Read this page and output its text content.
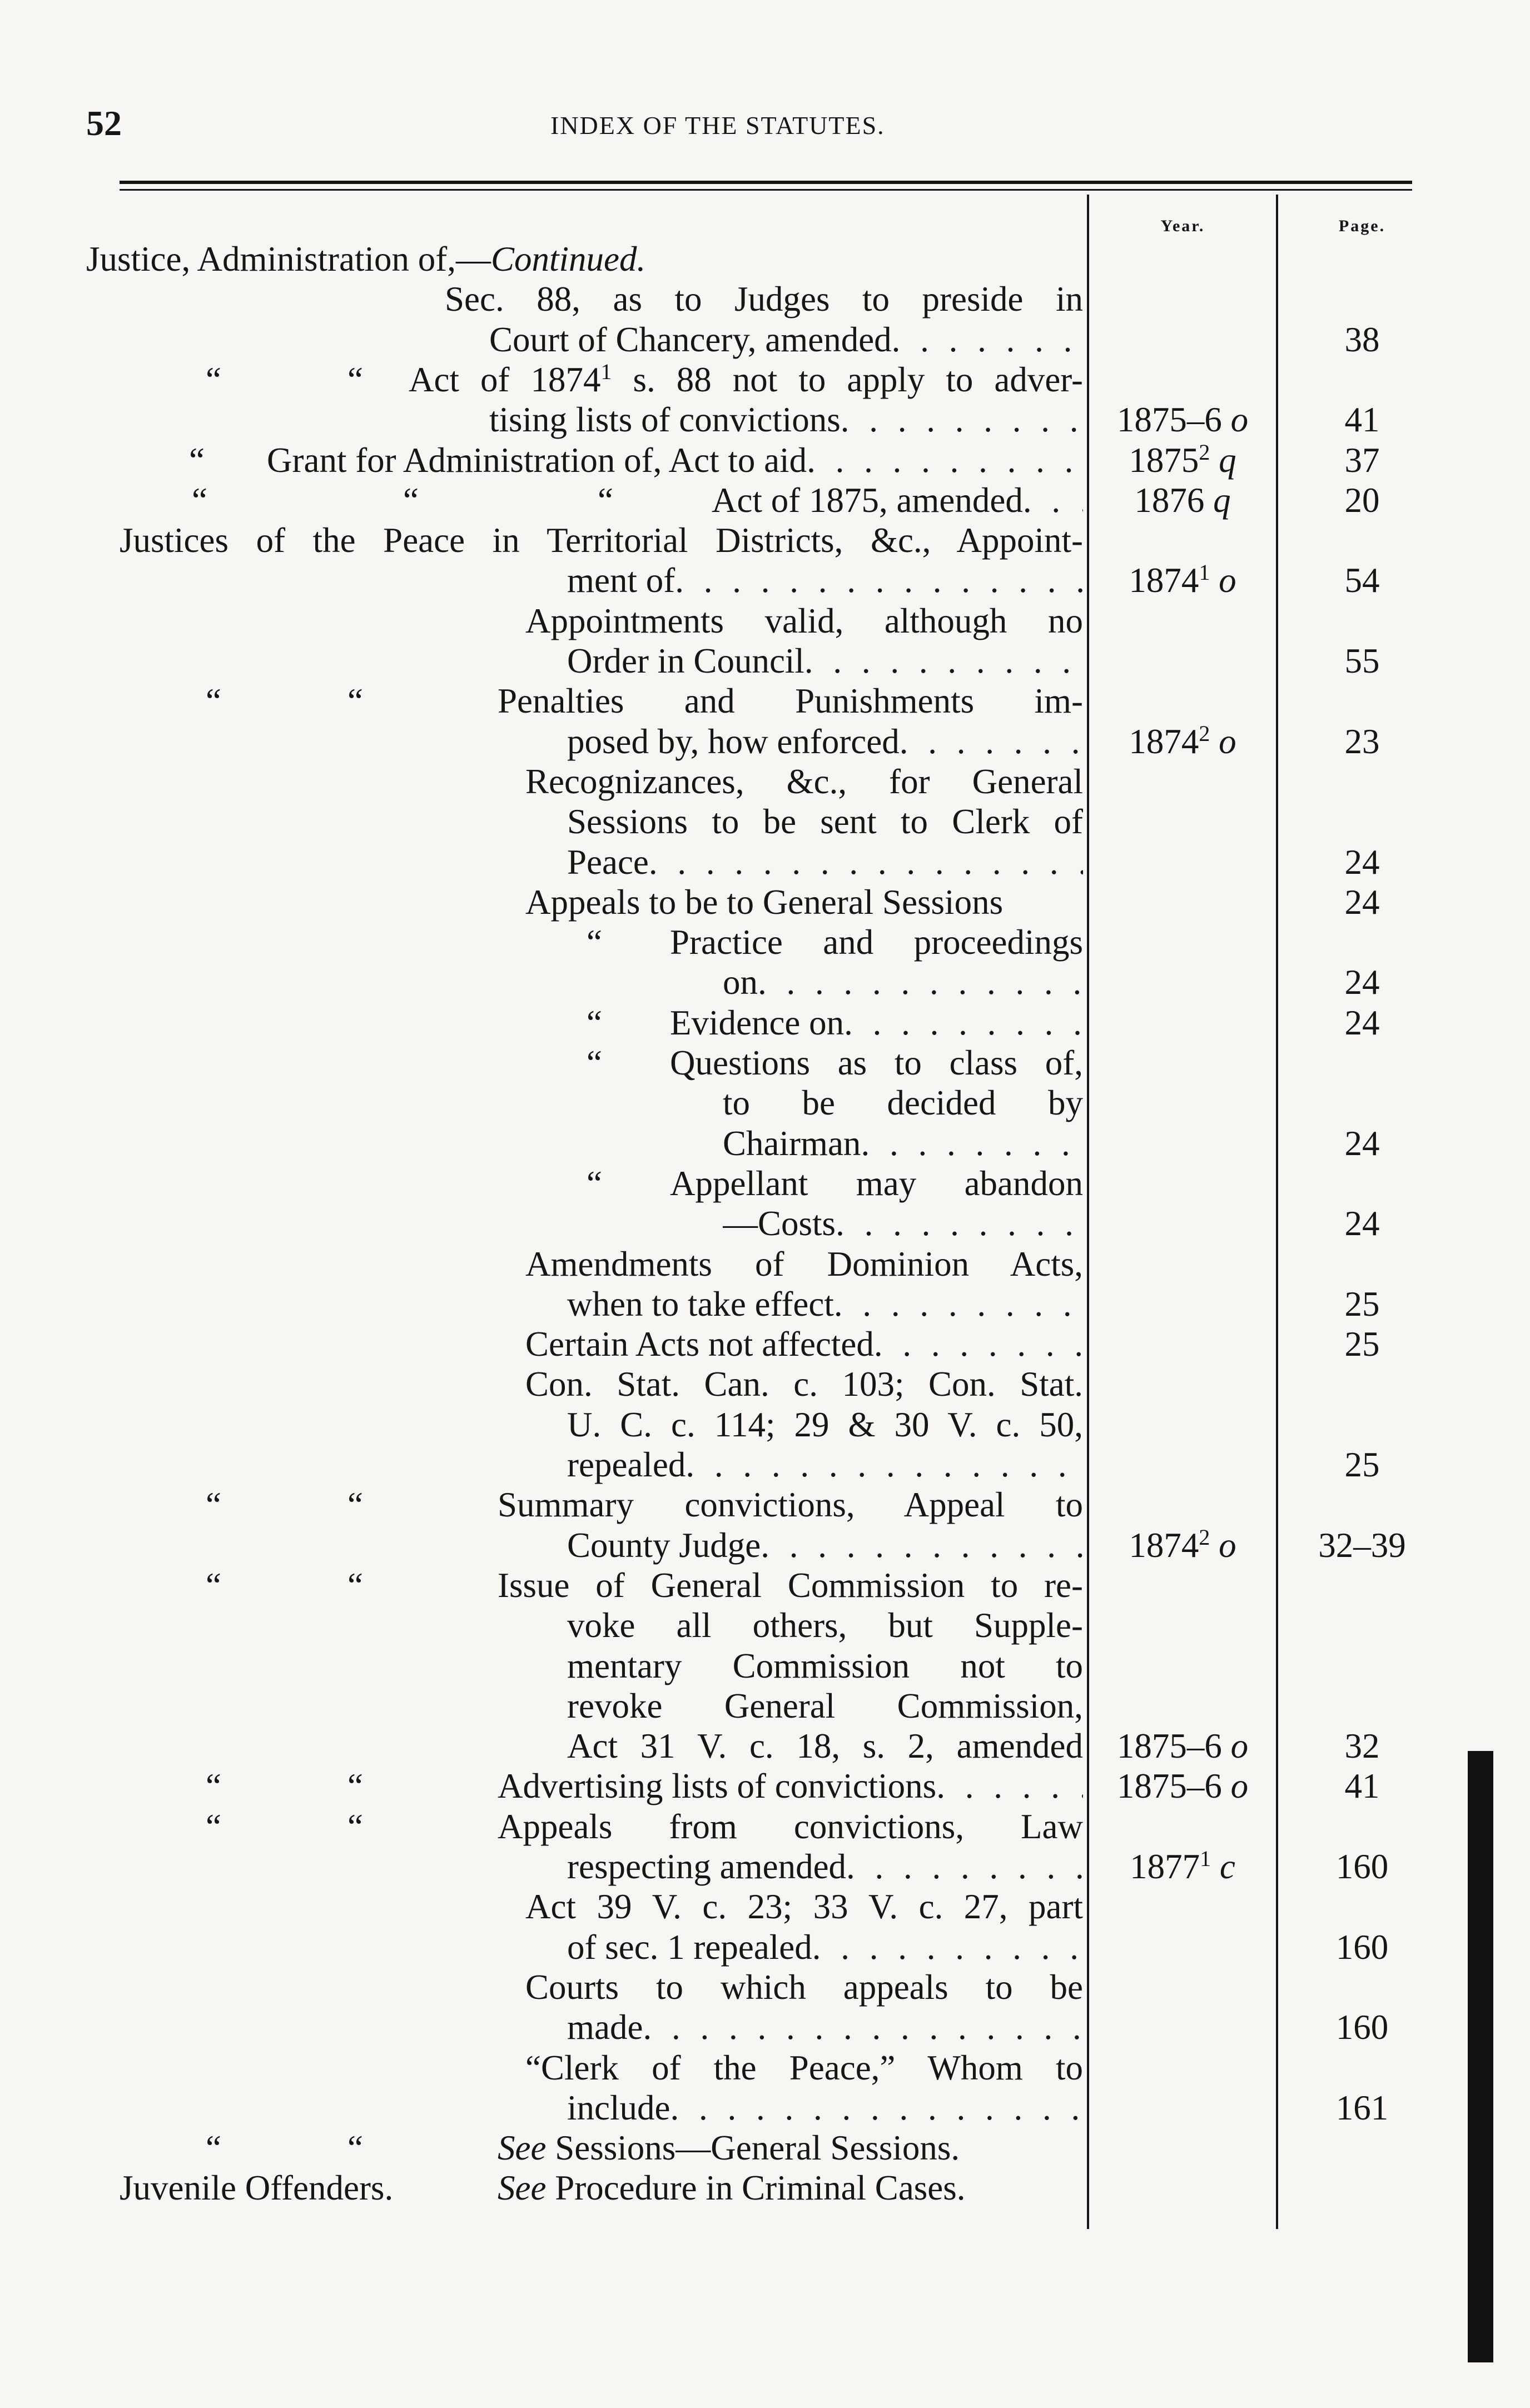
52	INDEX OF THE STATUTES.
Year.	Page.
Justice, Administration of,—Continued.
Sec. 88, as to Judges to preside in
Court of Chancery, amended . . .	38
“	“ Act of 1874$^1$ s. 88 not to apply to adver-
tising lists of convictions . . .	1875–6 o	41
“ Grant for Administration of, Act to aid . . .	1875$^2$ q	37
“	“	“	Act of 1875, amended . . .	1876 q	20
Justices of the Peace in Territorial Districts, &c., Appoint-
ment of . . .	1874$^1$ o	54
Appointments valid, although no
Order in Council . . .	55
“	“	Penalties and Punishments im-
posed by, how enforced . . .	1874$^2$ o	23
Recognizances, &c., for General
Sessions to be sent to Clerk of
Peace . . .	24
Appeals to be to General Sessions	24
“ Practice and proceedings
on . . .	24
“ Evidence on . . .	24
“ Questions as to class of,
to be decided by
Chairman . . .	24
“ Appellant may abandon
—Costs . . .	24
Amendments of Dominion Acts,
when to take effect . . .	25
Certain Acts not affected . . .	25
Con. Stat. Can. c. 103; Con. Stat.
U. C. c. 114; 29 & 30 V. c. 50,
repealed . . .	25
“	“	Summary convictions, Appeal to
County Judge . . .	1874$^2$ o	32–39
“	“	Issue of General Commission to re-
voke all others, but Supple-
mentary Commission not to
revoke General Commission,
Act 31 V. c. 18, s. 2, amended 1875–6 o	32
“	“	Advertising lists of convictions . . .	1875–6 o	41
“	“	Appeals from convictions, Law
respecting amended . . .	1877$^1$ c	160
Act 39 V. c. 23; 33 V. c. 27, part
of sec. 1 repealed . . .	160
Courts to which appeals to be
made . . .	160
“Clerk of the Peace,” Whom to
include . . .	161
“	“	See Sessions—General Sessions.
Juvenile Offenders.	See Procedure in Criminal Cases.
